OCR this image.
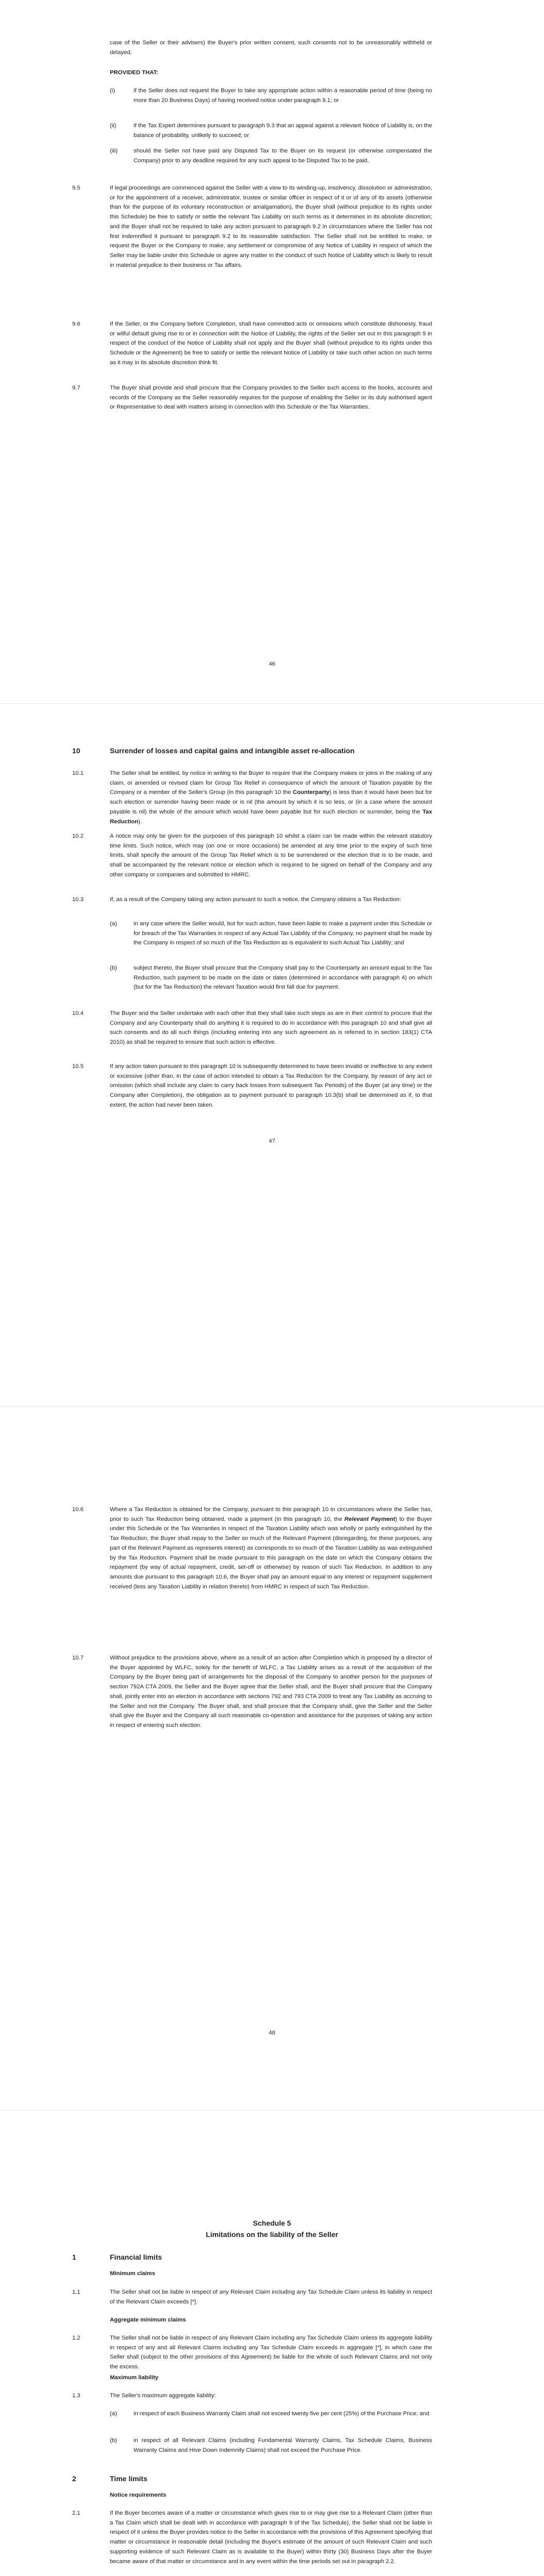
case of the Seller or their advisers) the Buyer's prior written consent, such consents not to be unreasonably withheld or delayed,

PROVIDED THAT:

(i)	if the Seller does not request the Buyer to take any appropriate action within a reasonable period of time (being no more than 20 Business Days) of having received notice under paragraph 9.1; or

(ii)	if the Tax Expert determines pursuant to paragraph 9.3 that an appeal against a relevant Notice of Liability is, on the balance of probability, unlikely to succeed; or

(iii)	should the Seller not have paid any Disputed Tax to the Buyer on its request (or otherwise compensated the Company) prior to any deadline required for any such appeal to be Disputed Tax to be paid,

9.5	If legal proceedings are commenced against the Seller with a view to its winding-up, insolvency, dissolution or administration, or for the appointment of a receiver, administrator, trustee or similar officer in respect of it or of any of its assets (otherwise than for the purpose of its voluntary reconstruction or amalgamation), the Buyer shall (without prejudice to its rights under this Schedule) be free to satisfy or settle the relevant Tax Liability on such terms as it determines in its absolute discretion; and the Buyer shall not be required to take any action pursuant to paragraph 9.2 in circumstances where the Seller has not first indemnified it pursuant to paragraph 9.2 to its reasonable satisfaction. The Seller shall not be entitled to make, or request the Buyer or the Company to make, any settlement or compromise of any Notice of Liability in respect of which the Seller may be liable under this Schedule or agree any matter in the conduct of such Notice of Liability which is likely to result in material prejudice to their business or Tax affairs.

9.6	If the Seller, or the Company before Completion, shall have committed acts or omissions which constitute dishonesty, fraud or wilful default giving rise to or in connection with the Notice of Liability, the rights of the Seller set out in this paragraph 9 in respect of the conduct of the Notice of Liability shall not apply and the Buyer shall (without prejudice to its rights under this Schedule or the Agreement) be free to satisfy or settle the relevant Notice of Liability or take such other action on such terms as it may in its absolute discretion think fit.

9.7	The Buyer shall provide and shall procure that the Company provides to the Seller such access to the books, accounts and records of the Company as the Seller reasonably requires for the purpose of enabling the Seller or its duly authorised agent or Representative to deal with matters arising in connection with this Schedule or the Tax Warranties.

46

10	Surrender of losses and capital gains and intangible asset re-allocation

10.1	The Seller shall be entitled, by notice in writing to the Buyer to require that the Company makes or joins in the making of any claim, or amended or revised claim for Group Tax Relief in consequence of which the amount of Taxation payable by the Company or a member of the Seller's Group (in this paragraph 10 the Counterparty) is less than it would have been but for such election or surrender having been made or is nil (the amount by which it is so less, or (in a case where the amount payable is nil) the whole of the amount which would have been payable but for such election or surrender, being the Tax Reduction).

10.2	A notice may only be given for the purposes of this paragraph 10 whilst a claim can be made within the relevant statutory time limits. Such notice, which may (on one or more occasions) be amended at any time prior to the expiry of such time limits, shall specify the amount of the Group Tax Relief which is to be surrendered or the election that is to be made, and shall be accompanied by the relevant notice or election which is required to be signed on behalf of the Company and any other company or companies and submitted to HMRC.

10.3	If, as a result of the Company taking any action pursuant to such a notice, the Company obtains a Tax Reduction:

(a)	in any case where the Seller would, but for such action, have been liable to make a payment under this Schedule or for breach of the Tax Warranties in respect of any Actual Tax Liability of the Company, no payment shall be made by the Company in respect of so much of the Tax Reduction as is equivalent to such Actual Tax Liability; and

(b)	subject thereto, the Buyer shall procure that the Company shall pay to the Counterparty an amount equal to the Tax Reduction, such payment to be made on the date or dates (determined in accordance with paragraph 4) on which (but for the Tax Reduction) the relevant Taxation would first fall due for payment.

10.4	The Buyer and the Seller undertake with each other that they shall take such steps as are in their control to procure that the Company and any Counterparty shall do anything it is required to do in accordance with this paragraph 10 and shall give all such consents and do all such things (including entering into any such agreement as is referred to in section 183(1) CTA 2010) as shall be required to ensure that such action is effective.

10.5	If any action taken pursuant to this paragraph 10 is subsequently determined to have been invalid or ineffective to any extent or excessive (other than, in the case of action intended to obtain a Tax Reduction for the Company, by reason of any act or omission (which shall include any claim to carry back losses from subsequent Tax Periods) of the Buyer (at any time) or the Company after Completion), the obligation as to payment pursuant to paragraph 10.3(b) shall be determined as if, to that extent, the action had never been taken.

47

10.6	Where a Tax Reduction is obtained for the Company, pursuant to this paragraph 10 in circumstances where the Seller has, prior to such Tax Reduction being obtained, made a payment (in this paragraph 10, the Relevant Payment) to the Buyer under this Schedule or the Tax Warranties in respect of the Taxation Liability which was wholly or partly extinguished by the Tax Reduction, the Buyer shall repay to the Seller so much of the Relevant Payment (disregarding, for these purposes, any part of the Relevant Payment as represents interest) as corresponds to so much of the Taxation Liability as was extinguished by the Tax Reduction. Payment shall be made pursuant to this paragraph on the date on which the Company obtains the repayment (by way of actual repayment, credit, set-off or otherwise) by reason of such Tax Reduction. In addition to any amounts due pursuant to this paragraph 10.6, the Buyer shall pay an amount equal to any interest or repayment supplement received (less any Taxation Liability in relation thereto) from HMRC in respect of such Tax Reduction.

10.7	Without prejudice to the provisions above, where as a result of an action after Completion which is proposed by a director of the Buyer appointed by WLFC, solely for the benefit of WLFC, a Tax Liability arises as a result of the acquisition of the Company by the Buyer being part of arrangements for the disposal of the Company to another person for the purposes of section 792A CTA 2009, the Seller and the Buyer agree that the Seller shall, and the Buyer shall procure that the Company shall, jointly enter into an election in accordance with sections 792 and 793 CTA 2009 to treat any Tax Liability as accruing to the Seller and not the Company. The Buyer shall, and shall procure that the Company shall, give the Seller and the Seller shall give the Buyer and the Company all such reasonable co-operation and assistance for the purposes of taking any action in respect of entering such election.

48

Schedule 5

Limitations on the liability of the Seller

1	Financial limits

Minimum claims

1.1	The Seller shall not be liable in respect of any Relevant Claim including any Tax Schedule Claim unless its liability in respect of the Relevant Claim exceeds [*].

Aggregate minimum claims

1.2	The Seller shall not be liable in respect of any Relevant Claim including any Tax Schedule Claim unless its aggregate liability in respect of any and all Relevant Claims including any Tax Schedule Claim exceeds in aggregate [*], in which case the Seller shall (subject to the other provisions of this Agreement) be liable for the whole of such Relevant Claims and not only the excess.

Maximum liability

1.3	The Seller's maximum aggregate liability:

(a)	in respect of each Business Warranty Claim shall not exceed twenty five per cent (25%) of the Purchase Price; and

(b)	in respect of all Relevant Claims (including Fundamental Warranty Claims, Tax Schedule Claims, Business Warranty Claims and Hive Down Indemnity Claims) shall not exceed the Purchase Price.

2	Time limits

Notice requirements

2.1	If the Buyer becomes aware of a matter or circumstance which gives rise to or may give rise to a Relevant Claim (other than a Tax Claim which shall be dealt with in accordance with paragraph 9 of the Tax Schedule), the Seller shall not be liable in respect of it unless the Buyer provides notice to the Seller in accordance with the provisions of this Agreement specifying that matter or circumstance in reasonable detail (including the Buyer's estimate of the amount of such Relevant Claim and such supporting evidence of such Relevant Claim as is available to the Buyer) within thirty (30) Business Days after the Buyer became aware of that matter or circumstance and in any event within the time periods set out in paragraph 2.2.
